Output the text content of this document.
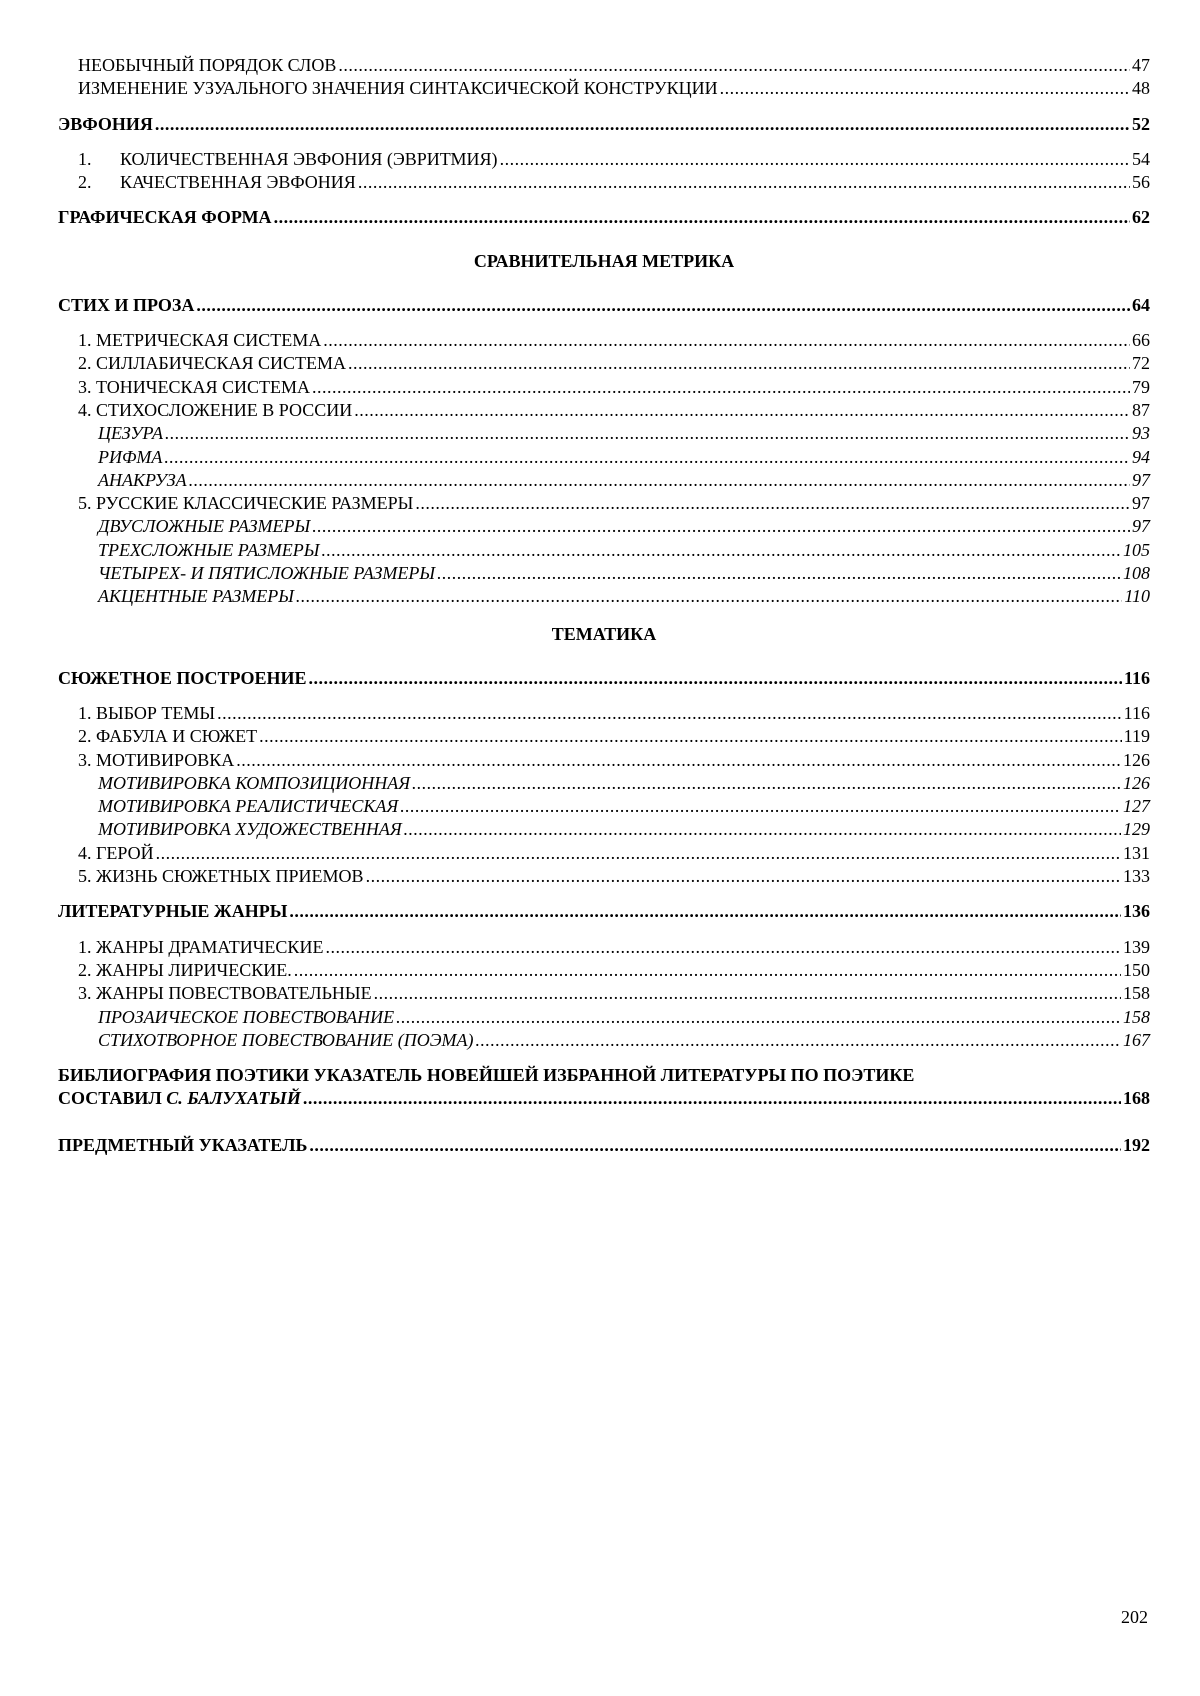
НЕОБЫЧНЫЙ ПОРЯДОК СЛОВ . . .	47
ИЗМЕНЕНИЕ УЗУАЛЬНОГО ЗНАЧЕНИЯ СИНТАКСИЧЕСКОЙ КОНСТРУКЦИИ . . .	48
ЭВФОНИЯ . . .	52
1. КОЛИЧЕСТВЕННАЯ ЭВФОНИЯ (ЭВРИТМИЯ) . . .	54
2. КАЧЕСТВЕННАЯ ЭВФОНИЯ . . .	56
ГРАФИЧЕСКАЯ ФОРМА . . .	62
СРАВНИТЕЛЬНАЯ МЕТРИКА
СТИХ И ПРОЗА . . .	64
1. МЕТРИЧЕСКАЯ СИСТЕМА . . .	66
2. СИЛЛАБИЧЕСКАЯ СИСТЕМА . . .	72
3. ТОНИЧЕСКАЯ СИСТЕМА . . .	79
4. СТИХОСЛОЖЕНИЕ В РОССИИ . . .	87
ЦЕЗУРА . . .	93
РИФМА . . .	94
АНАКРУЗА . . .	97
5. РУССКИЕ КЛАССИЧЕСКИЕ РАЗМЕРЫ . . .	97
ДВУСЛОЖНЫЕ РАЗМЕРЫ . . .	97
ТРЕХСЛОЖНЫЕ РАЗМЕРЫ . . .	105
ЧЕТЫРЕХ- И ПЯТИСЛОЖНЫЕ РАЗМЕРЫ . . .	108
АКЦЕНТНЫЕ РАЗМЕРЫ . . .	110
ТЕМАТИКА
СЮЖЕТНОЕ ПОСТРОЕНИЕ . . .	116
1. ВЫБОР ТЕМЫ . . .	116
2. ФАБУЛА И СЮЖЕТ . . .	119
3. МОТИВИРОВКА . . .	126
МОТИВИРОВКА КОМПОЗИЦИОННАЯ . . .	126
МОТИВИРОВКА РЕАЛИСТИЧЕСКАЯ . . .	127
МОТИВИРОВКА ХУДОЖЕСТВЕННАЯ . . .	129
4. ГЕРОЙ . . .	131
5. ЖИЗНЬ СЮЖЕТНЫХ ПРИЕМОВ . . .	133
ЛИТЕРАТУРНЫЕ ЖАНРЫ . . .	136
1. ЖАНРЫ ДРАМАТИЧЕСКИЕ . . .	139
2. ЖАНРЫ ЛИРИЧЕСКИЕ. . . .	150
3. ЖАНРЫ ПОВЕСТВОВАТЕЛЬНЫЕ . . .	158
ПРОЗАИЧЕСКОЕ ПОВЕСТВОВАНИЕ . . .	158
СТИХОТВОРНОЕ ПОВЕСТВОВАНИЕ (ПОЭМА) . . .	167
БИБЛИОГРАФИЯ ПОЭТИКИ УКАЗАТЕЛЬ НОВЕЙШЕЙ ИЗБРАННОЙ ЛИТЕРАТУРЫ ПО ПОЭТИКЕ
СОСТАВИЛ С. БАЛУХАТЫЙ . . .	168
ПРЕДМЕТНЫЙ УКАЗАТЕЛЬ . . .	192
202
